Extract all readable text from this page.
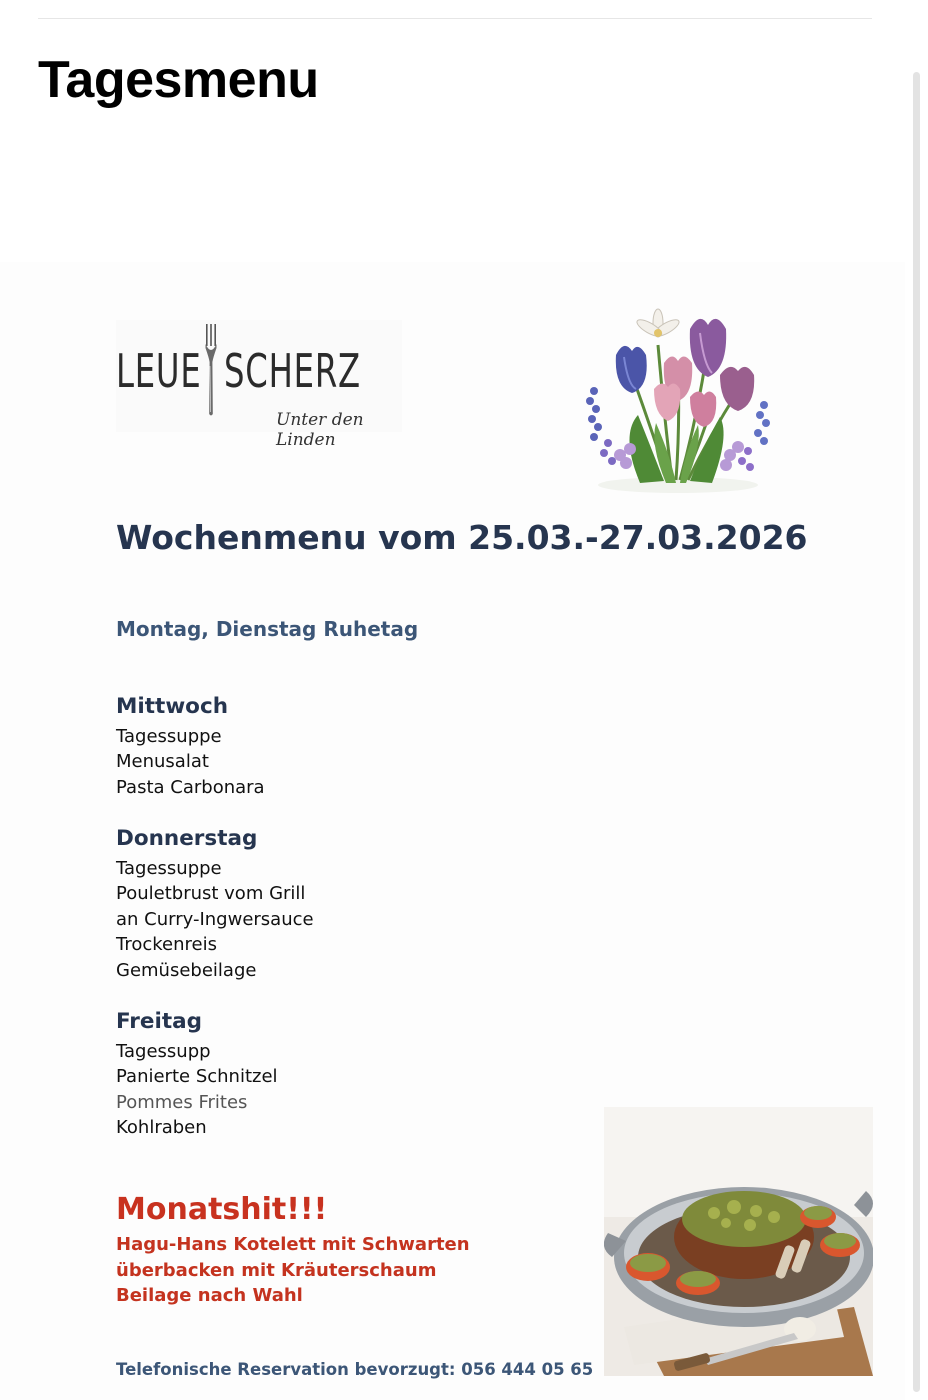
Tagesmenu
LEUE SCHERZ
Unter den Linden
Wochenmenu vom 25.03.-27.03.2026
Montag, Dienstag Ruhetag
Mittwoch
Tagessuppe
Menusalat
Pasta Carbonara
Donnerstag
Tagessuppe
Pouletbrust vom Grill
an Curry-Ingwersauce
Trockenreis
Gemüsebeilage
Freitag
Tagessupp
Panierte Schnitzel
Pommes Frites
Kohlraben
Monatshit!!!
Hagu-Hans Kotelett mit Schwarten
überbacken mit Kräuterschaum
Beilage nach Wahl
Telefonische Reservation bevorzugt: 056 444 05 65
